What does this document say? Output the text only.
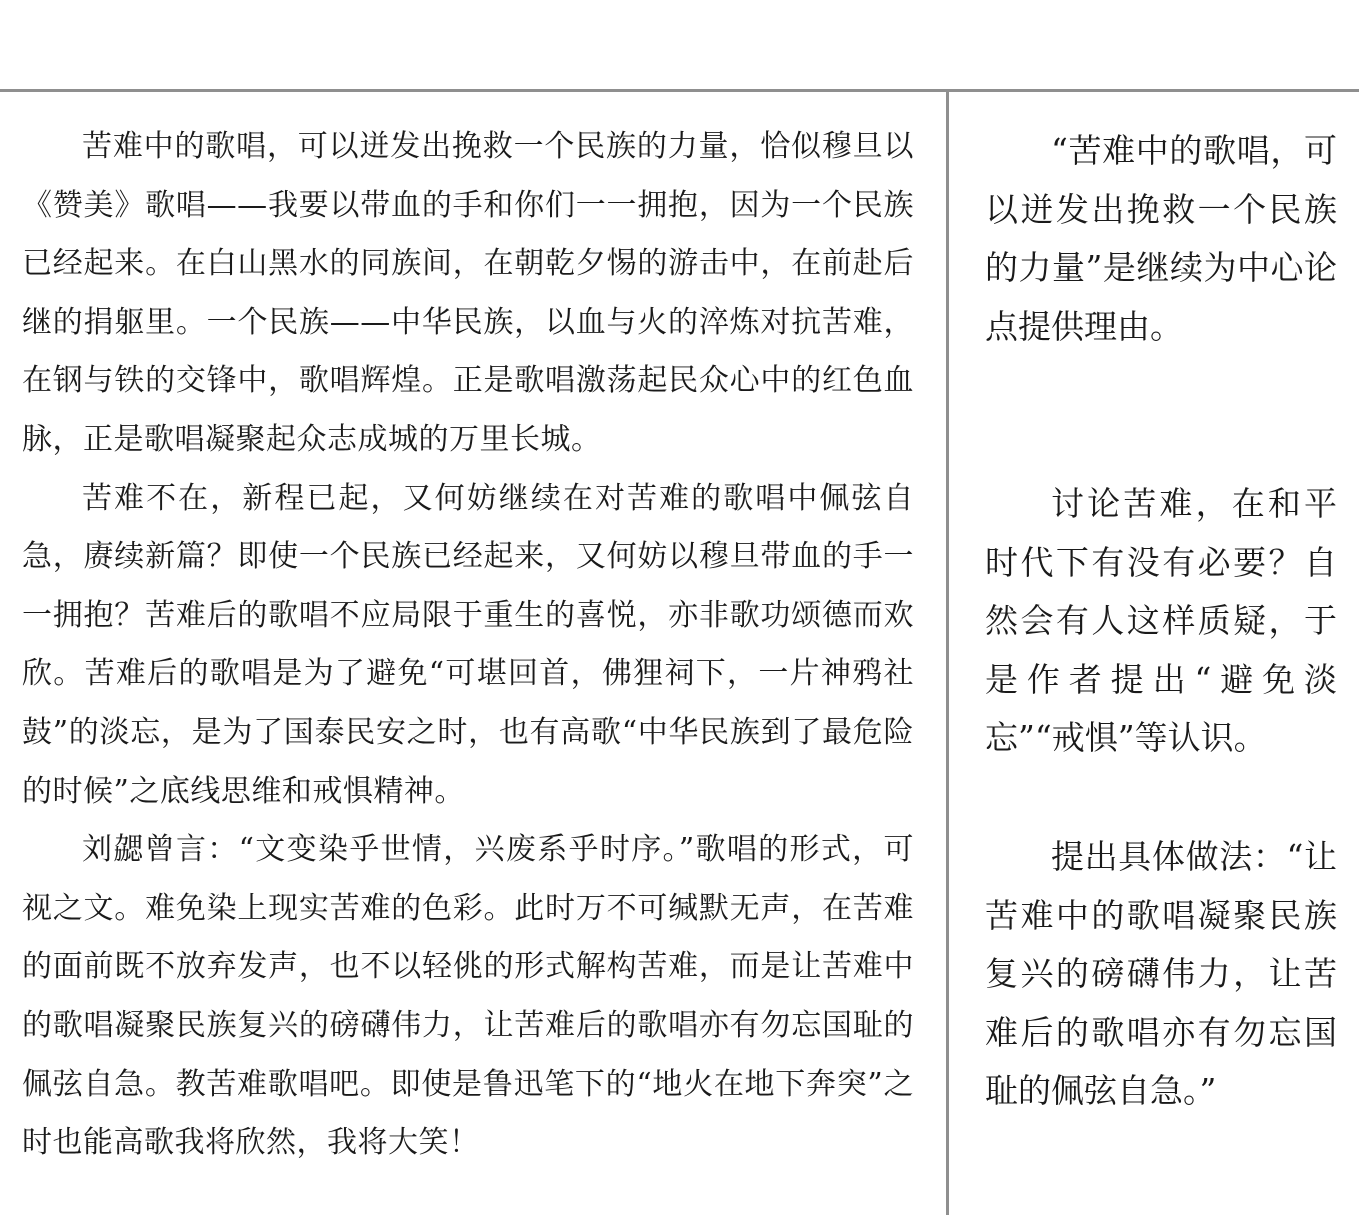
苦难中的歌唱，可以迸发出挽救一个民族的力量，恰似穆旦以《赞美》歌唱——我要以带血的手和你们一一拥抱，因为一个民族已经起来。在白山黑水的同族间，在朝乾夕惕的游击中，在前赴后继的捐躯里。一个民族——中华民族，以血与火的淬炼对抗苦难，在钢与铁的交锋中，歌唱辉煌。正是歌唱激荡起民众心中的红色血脉，正是歌唱凝聚起众志成城的万里长城。

苦难不在，新程已起，又何妨继续在对苦难的歌唱中佩弦自急，赓续新篇？即使一个民族已经起来，又何妨以穆旦带血的手一一拥抱？苦难后的歌唱不应局限于重生的喜悦，亦非歌功颂德而欢欣。苦难后的歌唱是为了避免“可堪回首，佛狸祠下，一片神鸦社鼓”的淡忘，是为了国泰民安之时，也有高歌“中华民族到了最危险的时候”之底线思维和戒惧精神。

刘勰曾言：“文变染乎世情，兴废系乎时序。”歌唱的形式，可视之文。难免染上现实苦难的色彩。此时万不可缄默无声，在苦难的面前既不放弃发声，也不以轻佻的形式解构苦难，而是让苦难中的歌唱凝聚民族复兴的磅礴伟力，让苦难后的歌唱亦有勿忘国耻的佩弦自急。教苦难歌唱吧。即使是鲁迅笔下的“地火在地下奔突”之时也能高歌我将欣然，我将大笑！

“苦难中的歌唱，可以迸发出挽救一个民族的力量”是继续为中心论点提供理由。

讨论苦难，在和平时代下有没有必要？自然会有人这样质疑，于是作者提出“避免淡忘”“戒惧”等认识。

提出具体做法：“让苦难中的歌唱凝聚民族复兴的磅礴伟力，让苦难后的歌唱亦有勿忘国耻的佩弦自急。”
